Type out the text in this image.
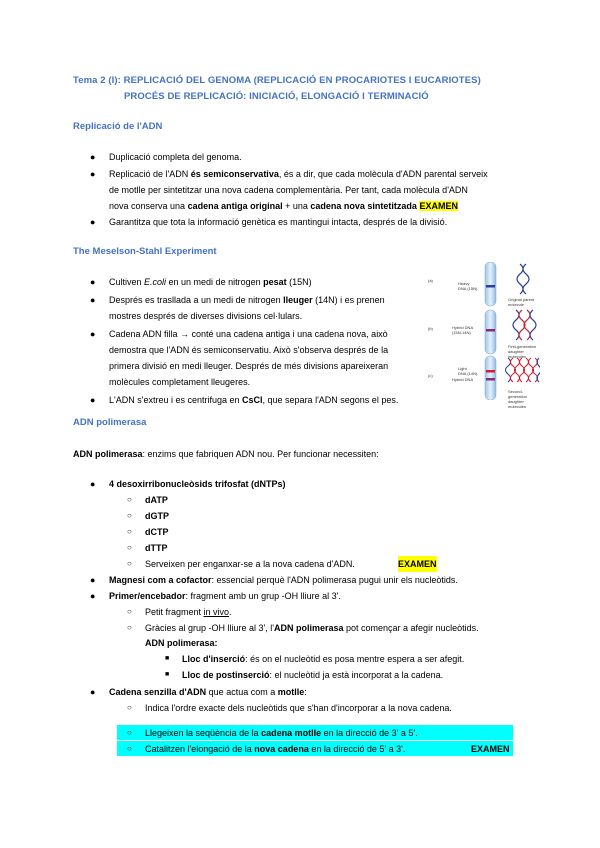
Tema 2 (I): REPLICACIÓ DEL GENOMA (REPLICACIÓ EN PROCARIOTES I EUCARIOTES)
PROCÉS DE REPLICACIÓ: INICIACIÓ, ELONGACIÓ I TERMINACIÓ
Replicació de l'ADN
● Duplicació completa del genoma.
● Replicació de l'ADN és semiconservativa, és a dir, que cada molècula d'ADN parental serveix
de motlle per sintetitzar una nova cadena complementària. Per tant, cada molècula d'ADN
nova conserva una cadena antiga original + una cadena nova sintetitzada EXAMEN
● Garantitza que tota la informació genètica es mantingui intacta, després de la divisió.
The Meselson-Stahl Experiment
● Cultiven E.coli en un medi de nitrogen pesat (15N)
● Després es trasllada a un medi de nitrogen lleuger (14N) i es prenen
mostres després de diverses divisions cel·lulars.
● Cadena ADN filla → conté una cadena antiga i una cadena nova, això
demostra que l'ADN és semiconservatiu. Això s'observa després de la
primera divisió en medi lleuger. Després de més divisions apareixeran
molècules completament lleugeres.
● L'ADN s'extreu i es centrifuga en CsCl, que separa l'ADN segons el pes.
(a)
(b)
(c)
Heavy
DNA (15N)
Hybrid DNA
(15N-14N)
Light
DNA (14N)
Hybrid DNA
Original parent molecule
First-generation daughter molecules
Second-generation daughter molecules
ADN polimerasa
ADN polimerasa: enzims que fabriquen ADN nou. Per funcionar necessiten:
● 4 desoxirribonucleòsids trifosfat (dNTPs)
○ dATP
○ dGTP
○ dCTP
○ dTTP
○ Serveixen per enganxar-se a la nova cadena d'ADN.	EXAMEN
● Magnesi com a cofactor: essencial perquè l'ADN polimerasa pugui unir els nucleòtids.
● Primer/encebador: fragment amb un grup -OH lliure al 3'.
○ Petit fragment in vivo.
○ Gràcies al grup -OH lliure al 3', l'ADN polimerasa pot començar a afegir nucleòtids.
ADN polimerasa:
■ Lloc d'inserció: és on el nucleòtid es posa mentre espera a ser afegit.
■ Lloc de postinserció: el nucleòtid ja està incorporat a la cadena.
● Cadena senzilla d'ADN que actua com a motlle:
○ Indica l'ordre exacte dels nucleòtids que s'han d'incorporar a la nova cadena.
○ Llegeixen la seqüència de la cadena motlle en la direcció de 3' a 5'.
○ Catalitzen l'elongació de la nova cadena en la direcció de 5' a 3'.	EXAMEN
